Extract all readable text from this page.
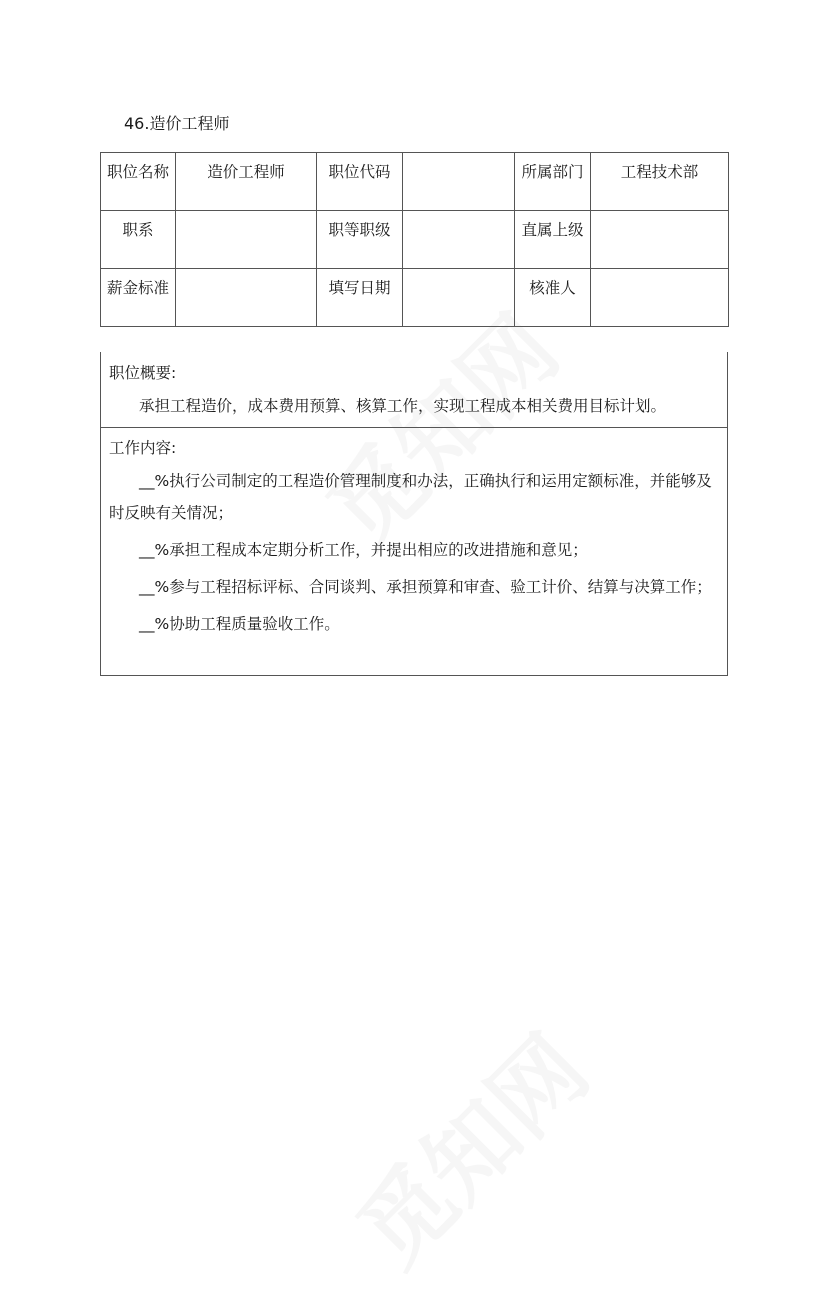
46.造价工程师
职位名称	造价工程师	职位代码		所属部门	工程技术部
职系		职等职级		直属上级	
薪金标准		填写日期		核准人	
职位概要:

承担工程造价，成本费用预算、核算工作，实现工程成本相关费用目标计划。

工作内容:

__%执行公司制定的工程造价管理制度和办法，正确执行和运用定额标准，并能够及时反映有关情况；

__%承担工程成本定期分析工作，并提出相应的改进措施和意见；

__%参与工程招标评标、合同谈判、承担预算和审查、验工计价、结算与决算工作；

__%协助工程质量验收工作。
